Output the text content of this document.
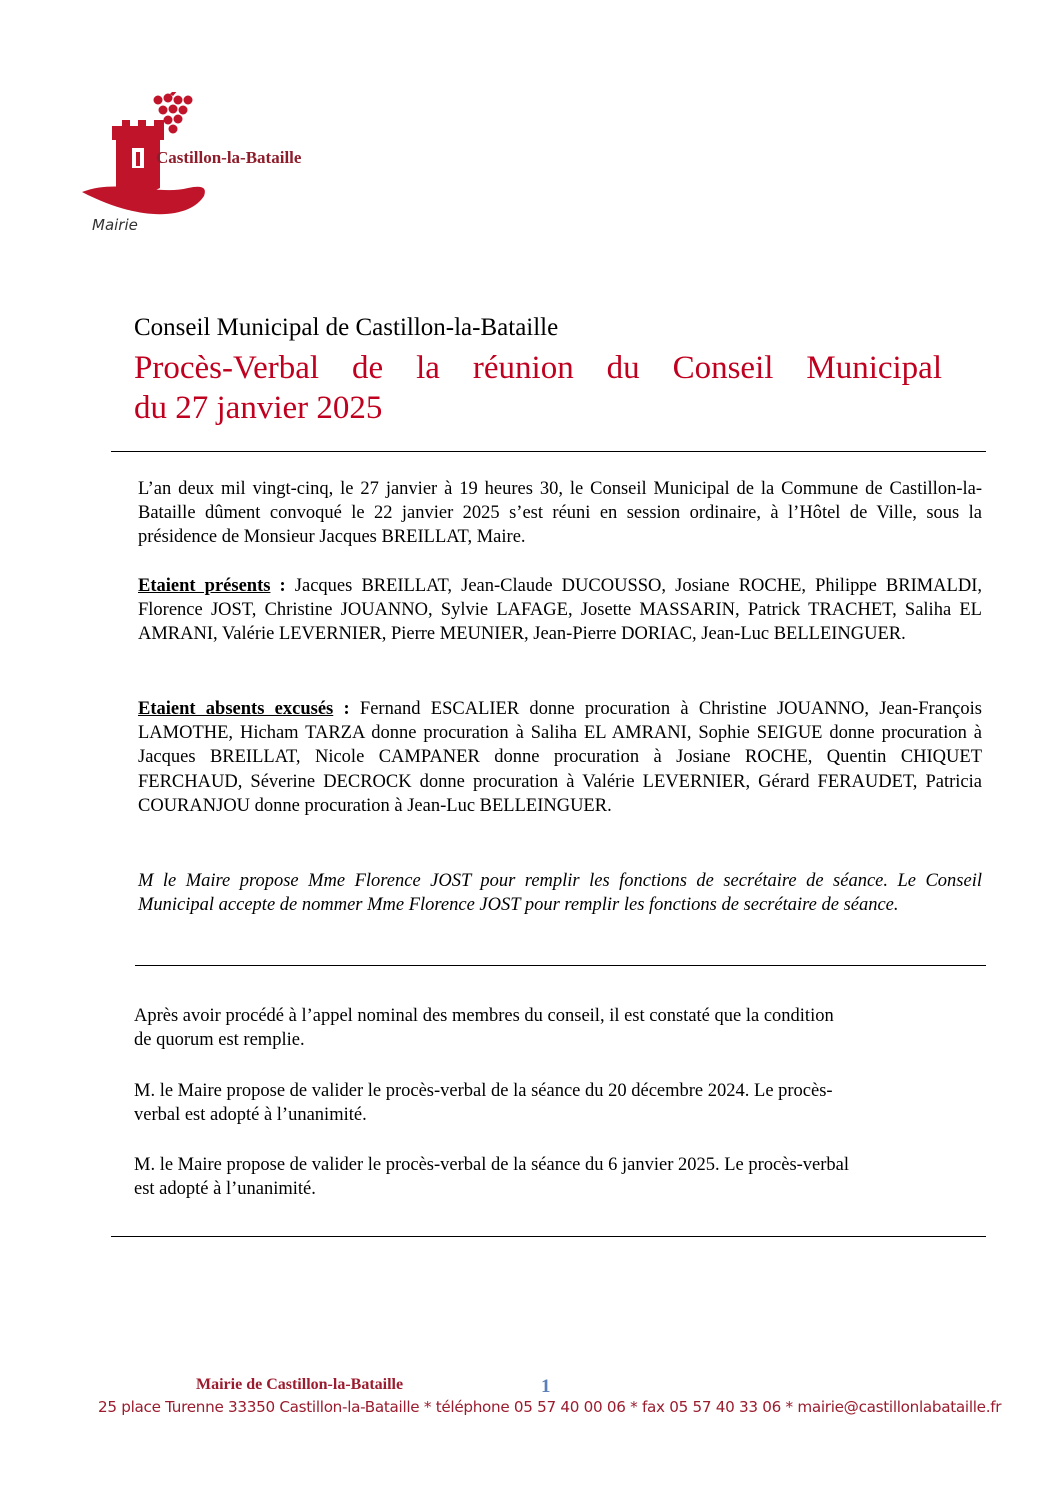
Castillon-la-Bataille
Mairie
Conseil Municipal de Castillon-la-Bataille
Procès-Verbal de la réunion du Conseil Municipal
du 27 janvier 2025
L’an deux mil vingt-cinq, le 27 janvier à 19 heures 30, le Conseil Municipal de la Commune de Castillon-la-Bataille dûment convoqué le 22 janvier 2025 s’est réuni en session ordinaire, à l’Hôtel de Ville, sous la présidence de Monsieur Jacques BREILLAT, Maire.
Etaient présents : Jacques BREILLAT, Jean-Claude DUCOUSSO, Josiane ROCHE, Philippe BRIMALDI, Florence JOST, Christine JOUANNO, Sylvie LAFAGE, Josette MASSARIN, Patrick TRACHET, Saliha EL AMRANI, Valérie LEVERNIER, Pierre MEUNIER, Jean-Pierre DORIAC, Jean-Luc BELLEINGUER.
Etaient absents excusés : Fernand ESCALIER donne procuration à Christine JOUANNO, Jean-François LAMOTHE, Hicham TARZA donne procuration à Saliha EL AMRANI, Sophie SEIGUE donne procuration à Jacques BREILLAT, Nicole CAMPANER donne procuration à Josiane ROCHE, Quentin CHIQUET FERCHAUD, Séverine DECROCK donne procuration à Valérie LEVERNIER, Gérard FERAUDET, Patricia COURANJOU donne procuration à Jean-Luc BELLEINGUER.
M le Maire propose Mme Florence JOST pour remplir les fonctions de secrétaire de séance. Le Conseil Municipal accepte de nommer Mme Florence JOST pour remplir les fonctions de secrétaire de séance.
Après avoir procédé à l’appel nominal des membres du conseil, il est constaté que la condition
de quorum est remplie.
M. le Maire propose de valider le procès-verbal de la séance du 20 décembre 2024. Le procès-
verbal est adopté à l’unanimité.
M. le Maire propose de valider le procès-verbal de la séance du 6 janvier 2025. Le procès-verbal
est adopté à l’unanimité.
Mairie de Castillon-la-Bataille	1
25 place Turenne 33350 Castillon-la-Bataille * téléphone 05 57 40 00 06 * fax 05 57 40 33 06 * mairie@castillonlabataille.fr
